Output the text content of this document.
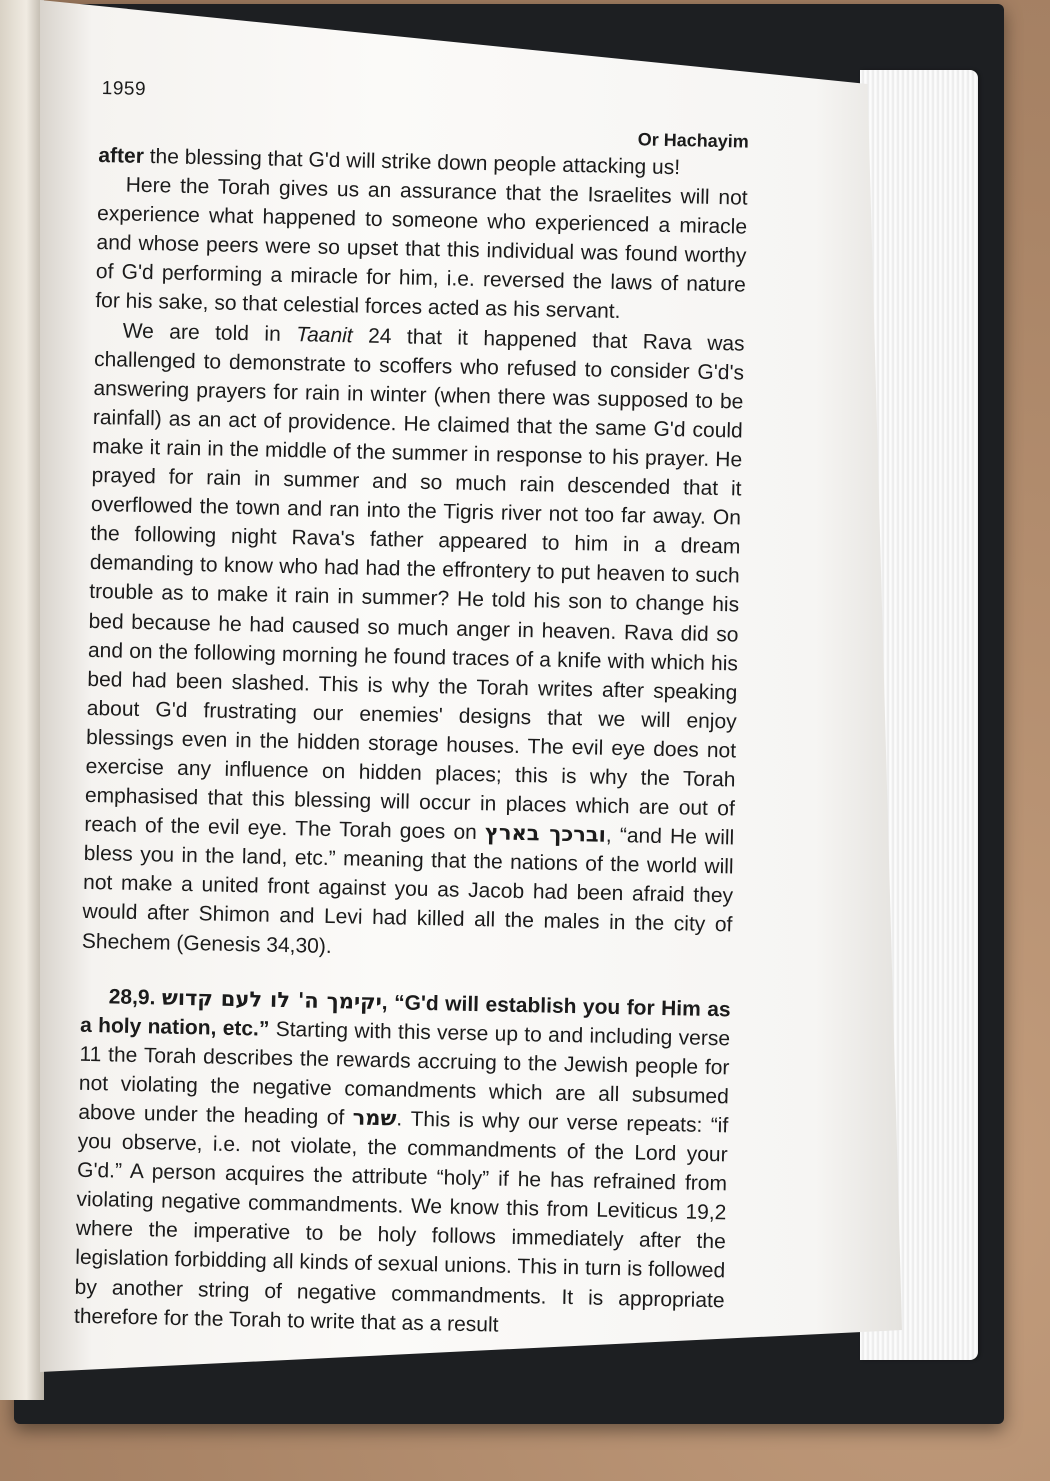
1959
Or Hachayim

after the blessing that G'd will strike down people attacking us!

Here the Torah gives us an assurance that the Israelites will not experience what happened to someone who experienced a miracle and whose peers were so upset that this individual was found worthy of G'd performing a miracle for him, i.e. reversed the laws of nature for his sake, so that celestial forces acted as his servant.

We are told in Taanit 24 that it happened that Rava was challenged to demonstrate to scoffers who refused to consider G'd's answering prayers for rain in winter (when there was supposed to be rainfall) as an act of providence. He claimed that the same G'd could make it rain in the middle of the summer in response to his prayer. He prayed for rain in summer and so much rain descended that it overflowed the town and ran into the Tigris river not too far away. On the following night Rava's father appeared to him in a dream demanding to know who had had the effrontery to put heaven to such trouble as to make it rain in summer? He told his son to change his bed because he had caused so much anger in heaven. Rava did so and on the following morning he found traces of a knife with which his bed had been slashed. This is why the Torah writes after speaking about G'd frustrating our enemies' designs that we will enjoy blessings even in the hidden storage houses. The evil eye does not exercise any influence on hidden places; this is why the Torah emphasised that this blessing will occur in places which are out of reach of the evil eye. The Torah goes on וברכך בארץ, “and He will bless you in the land, etc.” meaning that the nations of the world will not make a united front against you as Jacob had been afraid they would after Shimon and Levi had killed all the males in the city of Shechem (Genesis 34,30).

28,9. יקימך ה' לו לעם קדוש, “G'd will establish you for Him as a holy nation, etc.” Starting with this verse up to and including verse 11 the Torah describes the rewards accruing to the Jewish people for not violating the negative comandments which are all subsumed above under the heading of שמר. This is why our verse repeats: “if you observe, i.e. not violate, the commandments of the Lord your G'd.” A person acquires the attribute “holy” if he has refrained from violating negative commandments. We know this from Leviticus 19,2 where the imperative to be holy follows immediately after the legislation forbidding all kinds of sexual unions. This in turn is followed by another string of negative commandments. It is appropriate therefore for the Torah to write that as a result
